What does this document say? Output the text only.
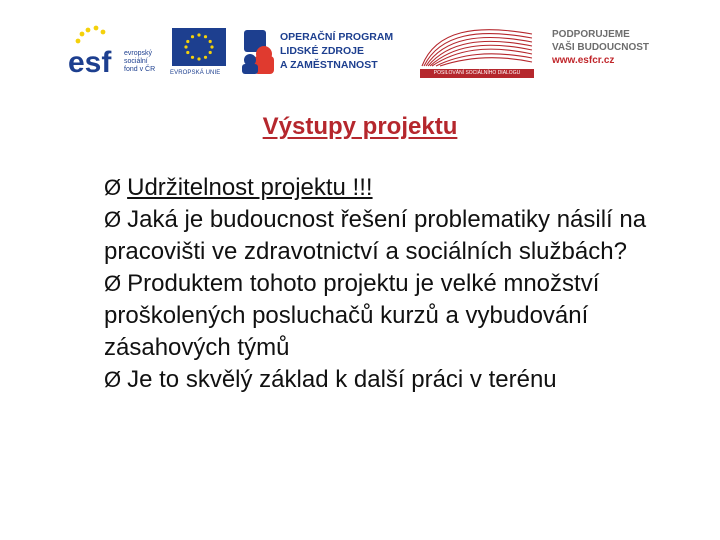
esf evropský
sociální
fond v ČR	EVROPSKÁ UNIE
OPERAČNÍ PROGRAM
LIDSKÉ ZDROJE
A ZAMĚSTNANOST
POSILOVÁNÍ SOCIÁLNÍHO DIALOGU
PODPORUJEME
VAŠI BUDOUCNOST
www.esfcr.cz
Výstupy projektu

Ø Udržitelnost projektu !!!

Ø Jaká je budoucnost řešení problematiky násilí na pracovišti ve zdravotnictví a sociálních službách?

Ø Produktem tohoto projektu je velké množství proškolených posluchačů kurzů a vybudování zásahových týmů

Ø Je to skvělý základ k další práci v terénu
